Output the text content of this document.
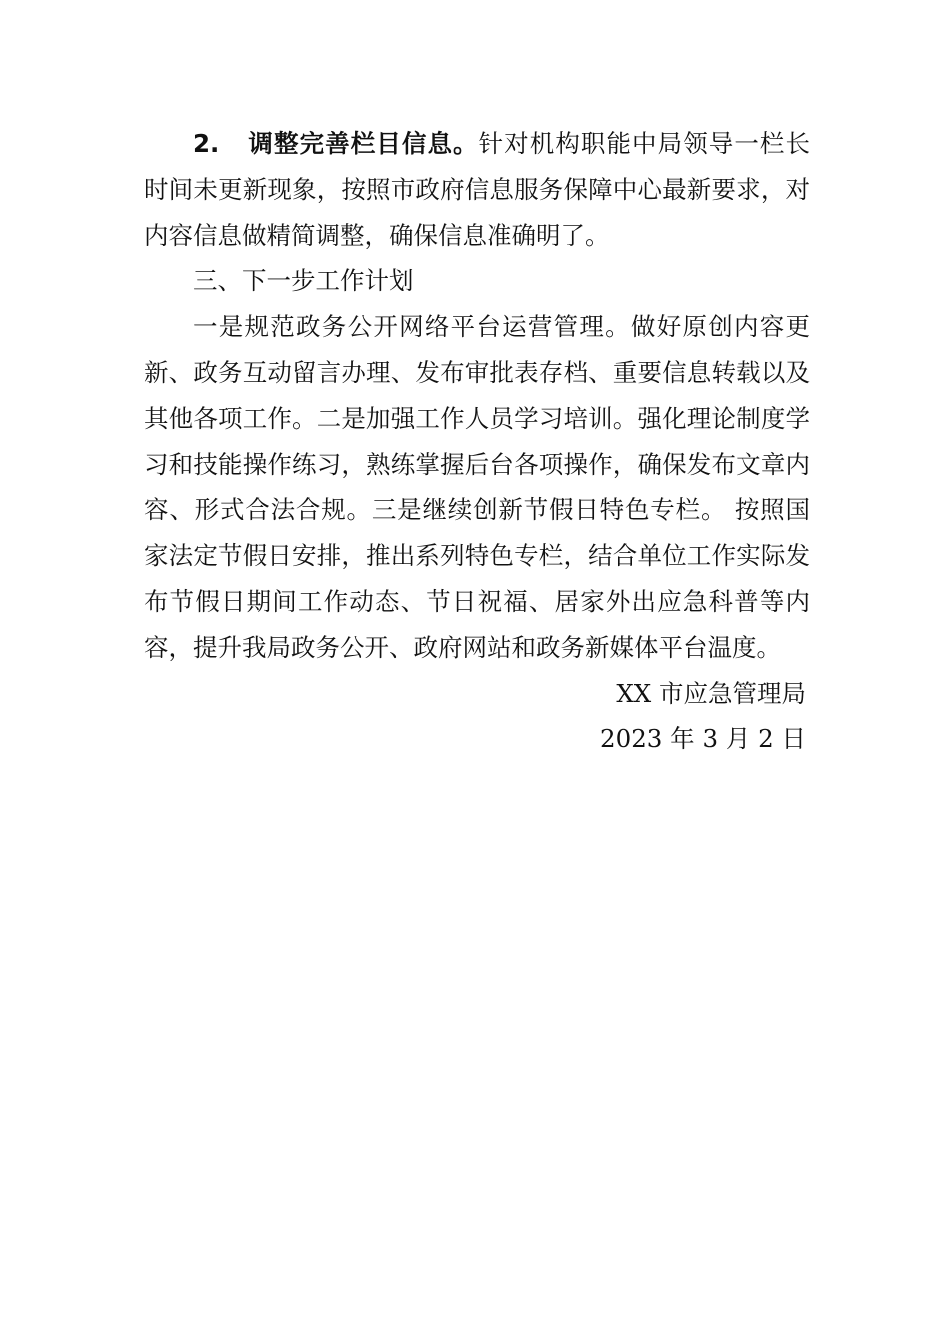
2. 调整完善栏目信息。针对机构职能中局领导一栏长时间未更新现象，按照市政府信息服务保障中心最新要求，对内容信息做精简调整，确保信息准确明了。

三、下一步工作计划

一是规范政务公开网络平台运营管理。做好原创内容更新、政务互动留言办理、发布审批表存档、重要信息转载以及其他各项工作。二是加强工作人员学习培训。强化理论制度学习和技能操作练习，熟练掌握后台各项操作，确保发布文章内容、形式合法合规。三是继续创新节假日特色专栏。 按照国家法定节假日安排，推出系列特色专栏，结合单位工作实际发布节假日期间工作动态、节日祝福、居家外出应急科普等内容，提升我局政务公开、政府网站和政务新媒体平台温度。

XX 市应急管理局

2023 年 3 月 2 日
